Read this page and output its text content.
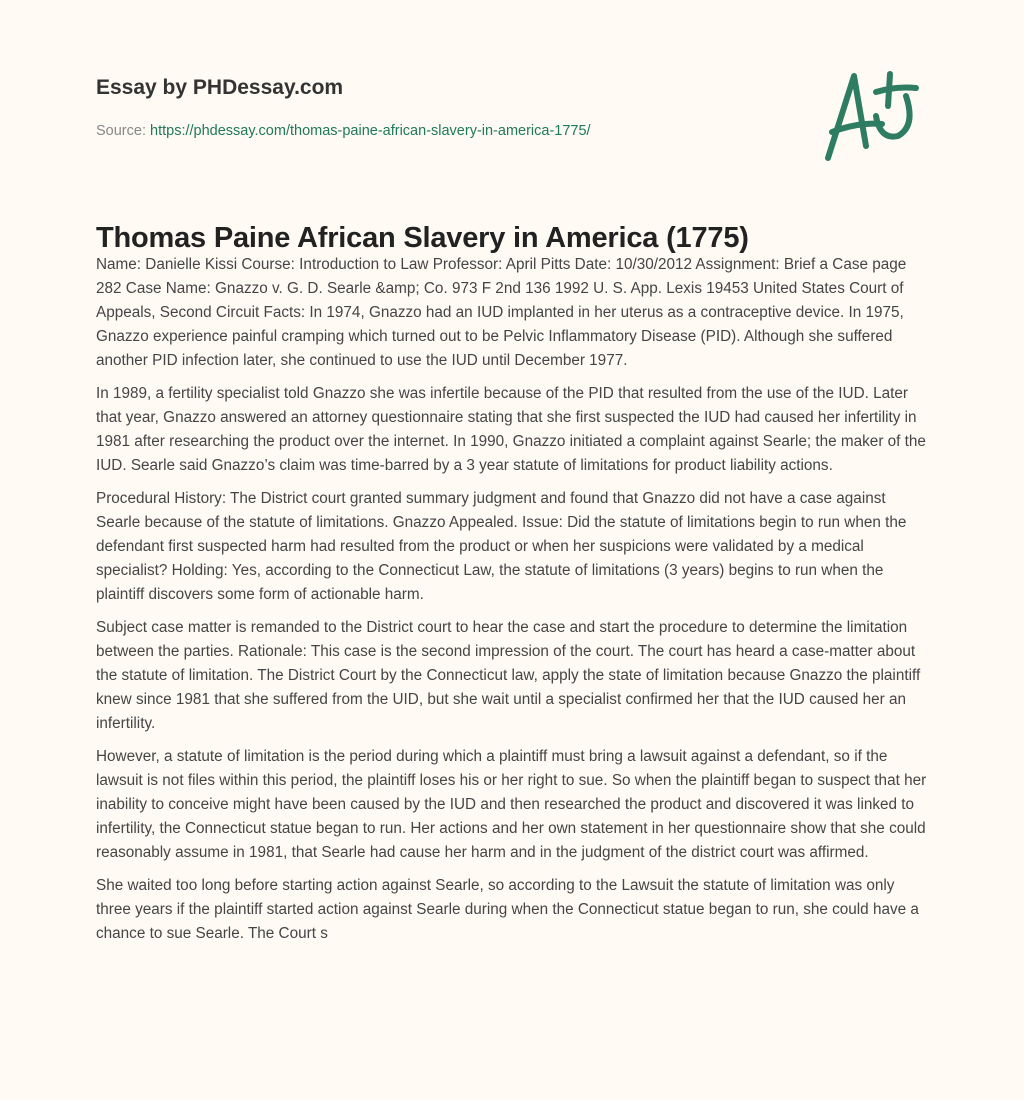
Essay by PHDessay.com
Source: https://phdessay.com/thomas-paine-african-slavery-in-america-1775/
Thomas Paine African Slavery in America (1775)

Name: Danielle Kissi Course: Introduction to Law Professor: April Pitts Date: 10/30/2012 Assignment: Brief a Case page 282 Case Name: Gnazzo v. G. D. Searle &amp; Co. 973 F 2nd 136 1992 U. S. App. Lexis 19453 United States Court of Appeals, Second Circuit Facts: In 1974, Gnazzo had an IUD implanted in her uterus as a contraceptive device. In 1975, Gnazzo experience painful cramping which turned out to be Pelvic Inflammatory Disease (PID). Although she suffered another PID infection later, she continued to use the IUD until December 1977.

In 1989, a fertility specialist told Gnazzo she was infertile because of the PID that resulted from the use of the IUD. Later that year, Gnazzo answered an attorney questionnaire stating that she first suspected the IUD had caused her infertility in 1981 after researching the product over the internet. In 1990, Gnazzo initiated a complaint against Searle; the maker of the IUD. Searle said Gnazzo’s claim was time-barred by a 3 year statute of limitations for product liability actions.

Procedural History: The District court granted summary judgment and found that Gnazzo did not have a case against Searle because of the statute of limitations. Gnazzo Appealed. Issue: Did the statute of limitations begin to run when the defendant first suspected harm had resulted from the product or when her suspicions were validated by a medical specialist? Holding: Yes, according to the Connecticut Law, the statute of limitations (3 years) begins to run when the plaintiff discovers some form of actionable harm.

Subject case matter is remanded to the District court to hear the case and start the procedure to determine the limitation between the parties. Rationale: This case is the second impression of the court. The court has heard a case-matter about the statute of limitation. The District Court by the Connecticut law, apply the state of limitation because Gnazzo the plaintiff knew since 1981 that she suffered from the UID, but she wait until a specialist confirmed her that the IUD caused her an infertility.

However, a statute of limitation is the period during which a plaintiff must bring a lawsuit against a defendant, so if the lawsuit is not files within this period, the plaintiff loses his or her right to sue. So when the plaintiff began to suspect that her inability to conceive might have been caused by the IUD and then researched the product and discovered it was linked to infertility, the Connecticut statue began to run. Her actions and her own statement in her questionnaire show that she could reasonably assume in 1981, that Searle had cause her harm and in the judgment of the district court was affirmed.

She waited too long before starting action against Searle, so according to the Lawsuit the statute of limitation was only three years if the plaintiff started action against Searle during when the Connecticut statue began to run, she could have a chance to sue Searle. The Court s
